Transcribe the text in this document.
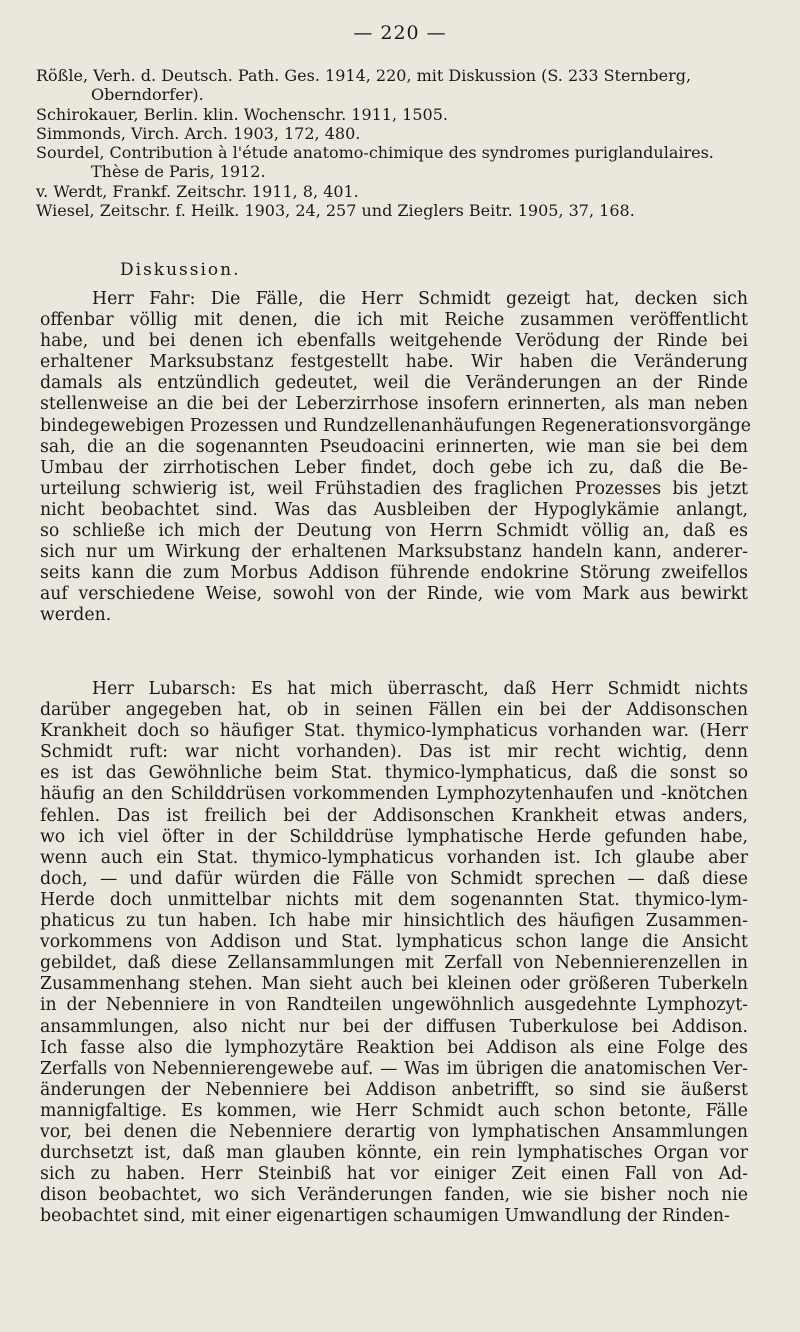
— 220 —
Rößle, Verh. d. Deutsch. Path. Ges. 1914, 220, mit Diskussion (S. 233 Sternberg,
Oberndorfer).
Schirokauer, Berlin. klin. Wochenschr. 1911, 1505.
Simmonds, Virch. Arch. 1903, 172, 480.
Sourdel, Contribution à l'étude anatomo-chimique des syndromes puriglandulaires.
Thèse de Paris, 1912.
v. Werdt, Frankf. Zeitschr. 1911, 8, 401.
Wiesel, Zeitschr. f. Heilk. 1903, 24, 257 und Zieglers Beitr. 1905, 37, 168.
Diskussion.
Herr Fahr: Die Fälle, die Herr Schmidt gezeigt hat, decken sich
offenbar völlig mit denen, die ich mit Reiche zusammen veröffentlicht
habe, und bei denen ich ebenfalls weitgehende Verödung der Rinde bei
erhaltener Marksubstanz festgestellt habe. Wir haben die Veränderung
damals als entzündlich gedeutet, weil die Veränderungen an der Rinde
stellenweise an die bei der Leberzirrhose insofern erinnerten, als man neben
bindegewebigen Prozessen und Rundzellenanhäufungen Regenerationsvorgänge
sah, die an die sogenannten Pseudoacini erinnerten, wie man sie bei dem
Umbau der zirrhotischen Leber findet, doch gebe ich zu, daß die Be-
urteilung schwierig ist, weil Frühstadien des fraglichen Prozesses bis jetzt
nicht beobachtet sind. Was das Ausbleiben der Hypoglykämie anlangt,
so schließe ich mich der Deutung von Herrn Schmidt völlig an, daß es
sich nur um Wirkung der erhaltenen Marksubstanz handeln kann, anderer-
seits kann die zum Morbus Addison führende endokrine Störung zweifellos
auf verschiedene Weise, sowohl von der Rinde, wie vom Mark aus bewirkt
werden.
Herr Lubarsch: Es hat mich überrascht, daß Herr Schmidt nichts
darüber angegeben hat, ob in seinen Fällen ein bei der Addisonschen
Krankheit doch so häufiger Stat. thymico-lymphaticus vorhanden war. (Herr
Schmidt ruft: war nicht vorhanden). Das ist mir recht wichtig, denn
es ist das Gewöhnliche beim Stat. thymico-lymphaticus, daß die sonst so
häufig an den Schilddrüsen vorkommenden Lymphozytenhaufen und -knötchen
fehlen. Das ist freilich bei der Addisonschen Krankheit etwas anders,
wo ich viel öfter in der Schilddrüse lymphatische Herde gefunden habe,
wenn auch ein Stat. thymico-lymphaticus vorhanden ist. Ich glaube aber
doch, — und dafür würden die Fälle von Schmidt sprechen — daß diese
Herde doch unmittelbar nichts mit dem sogenannten Stat. thymico-lym-
phaticus zu tun haben. Ich habe mir hinsichtlich des häufigen Zusammen-
vorkommens von Addison und Stat. lymphaticus schon lange die Ansicht
gebildet, daß diese Zellansammlungen mit Zerfall von Nebennierenzellen in
Zusammenhang stehen. Man sieht auch bei kleinen oder größeren Tuberkeln
in der Nebenniere in von Randteilen ungewöhnlich ausgedehnte Lymphozyt-
ansammlungen, also nicht nur bei der diffusen Tuberkulose bei Addison.
Ich fasse also die lymphozytäre Reaktion bei Addison als eine Folge des
Zerfalls von Nebennierengewebe auf. — Was im übrigen die anatomischen Ver-
änderungen der Nebenniere bei Addison anbetrifft, so sind sie äußerst
mannigfaltige. Es kommen, wie Herr Schmidt auch schon betonte, Fälle
vor, bei denen die Nebenniere derartig von lymphatischen Ansammlungen
durchsetzt ist, daß man glauben könnte, ein rein lymphatisches Organ vor
sich zu haben. Herr Steinbiß hat vor einiger Zeit einen Fall von Ad-
dison beobachtet, wo sich Veränderungen fanden, wie sie bisher noch nie
beobachtet sind, mit einer eigenartigen schaumigen Umwandlung der Rinden-
